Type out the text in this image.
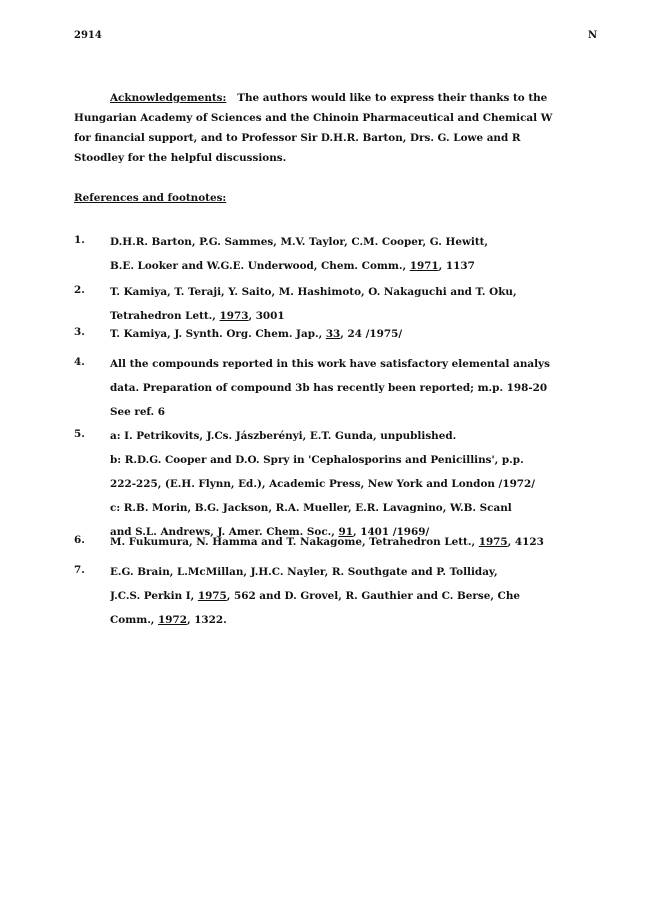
2914	N
Acknowledgements: The authors would like to express their thanks to the
Hungarian Academy of Sciences and the Chinoin Pharmaceutical and Chemical W
for financial support, and to Professor Sir D.H.R. Barton, Drs. G. Lowe and R
Stoodley for the helpful discussions.
References and footnotes:
1. D.H.R. Barton, P.G. Sammes, M.V. Taylor, C.M. Cooper, G. Hewitt,
B.E. Looker and W.G.E. Underwood, Chem. Comm., 1971, 1137
2. T. Kamiya, T. Teraji, Y. Saito, M. Hashimoto, O. Nakaguchi and T. Oku,
Tetrahedron Lett., 1973, 3001
3. T. Kamiya, J. Synth. Org. Chem. Jap., 33, 24 /1975/
4. All the compounds reported in this work have satisfactory elemental analys
data. Preparation of compound 3b has recently been reported; m.p. 198-20
See ref. 6
5. a: I. Petrikovits, J.Cs. Jászberényi, E.T. Gunda, unpublished.
b: R.D.G. Cooper and D.O. Spry in 'Cephalosporins and Penicillins', p.p.
222-225, (E.H. Flynn, Ed.), Academic Press, New York and London /1972/
c: R.B. Morin, B.G. Jackson, R.A. Mueller, E.R. Lavagnino, W.B. Scanl
and S.L. Andrews, J. Amer. Chem. Soc., 91, 1401 /1969/
6. M. Fukumura, N. Hamma and T. Nakagome, Tetrahedron Lett., 1975, 4123
7. E.G. Brain, L.McMillan, J.H.C. Nayler, R. Southgate and P. Tolliday,
J.C.S. Perkin I, 1975, 562 and D. Grovel, R. Gauthier and C. Berse, Che
Comm., 1972, 1322.
